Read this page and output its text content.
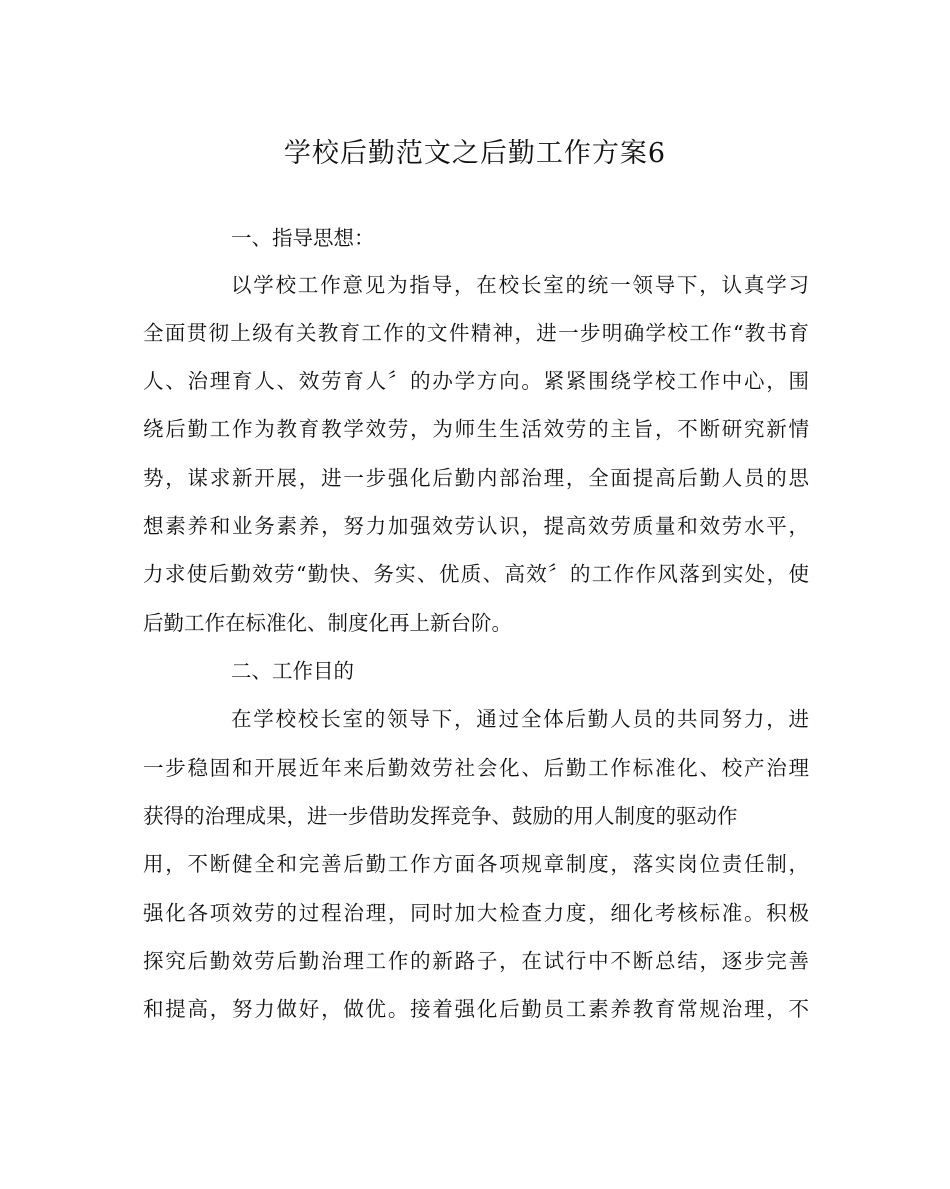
学校后勤范文之后勤工作方案6

一、指导思想：

以学校工作意见为指导，在校长室的统一领导下，认真学习

全面贯彻上级有关教育工作的文件精神，进一步明确学校工作“教书育

人、治理育人、效劳育人〞的办学方向。紧紧围绕学校工作中心，围

绕后勤工作为教育教学效劳，为师生生活效劳的主旨，不断研究新情

势，谋求新开展，进一步强化后勤内部治理，全面提高后勤人员的思

想素养和业务素养，努力加强效劳认识，提高效劳质量和效劳水平，

力求使后勤效劳“勤快、务实、优质、高效〞的工作作风落到实处，使

后勤工作在标准化、制度化再上新台阶。

二、工作目的

在学校校长室的领导下，通过全体后勤人员的共同努力，进

一步稳固和开展近年来后勤效劳社会化、后勤工作标准化、校产治理

获得的治理成果，进一步借助发挥竞争、鼓励的用人制度的驱动作

用，不断健全和完善后勤工作方面各项规章制度，落实岗位责任制，

强化各项效劳的过程治理，同时加大检查力度，细化考核标准。积极

探究后勤效劳后勤治理工作的新路子，在试行中不断总结，逐步完善

和提高，努力做好，做优。接着强化后勤员工素养教育常规治理，不
